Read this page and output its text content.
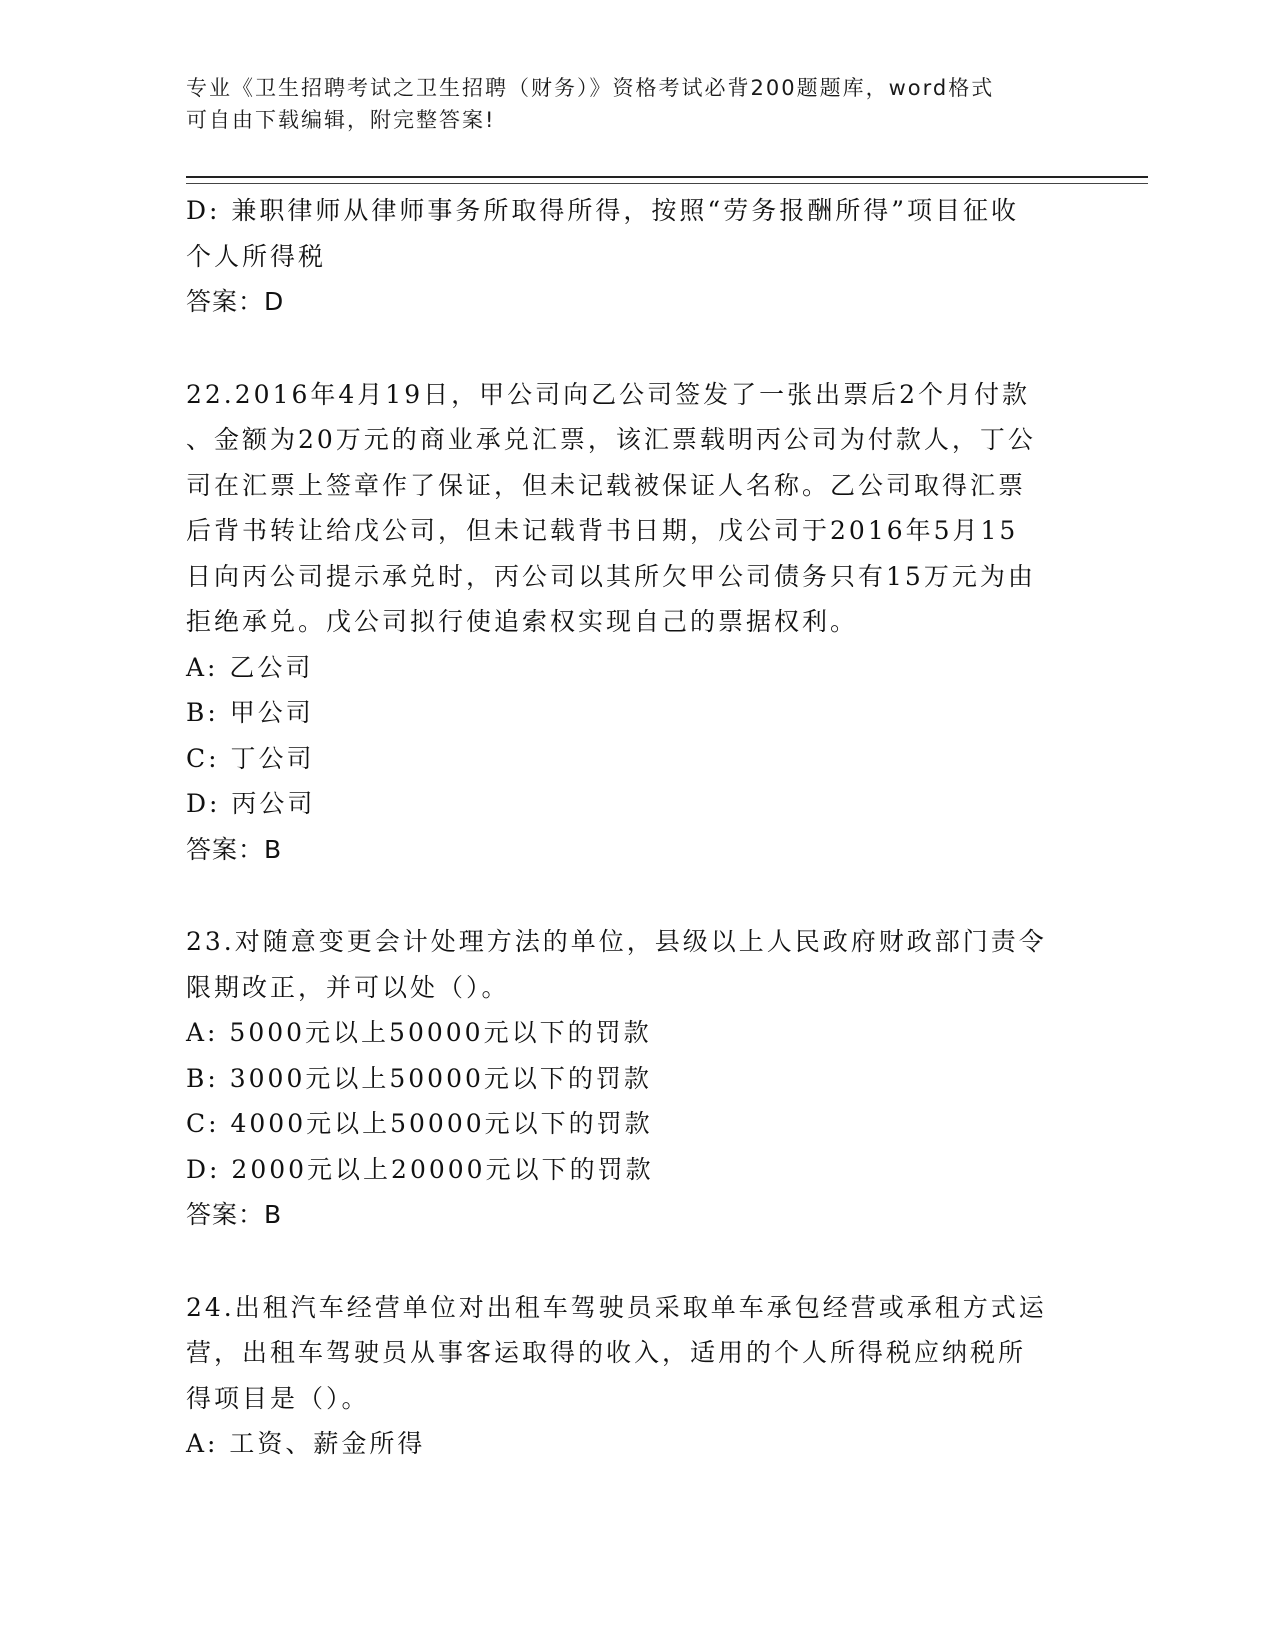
专业《卫生招聘考试之卫生招聘（财务）》资格考试必背200题题库，word格式
可自由下载编辑，附完整答案!
D: 兼职律师从律师事务所取得所得，按照“劳务报酬所得”项目征收
个人所得税
答案：D
22.2016年4月19日，甲公司向乙公司签发了一张出票后2个月付款
、金额为20万元的商业承兑汇票，该汇票载明丙公司为付款人，丁公
司在汇票上签章作了保证，但未记载被保证人名称。乙公司取得汇票
后背书转让给戊公司，但未记载背书日期，戊公司于2016年5月15
日向丙公司提示承兑时，丙公司以其所欠甲公司债务只有15万元为由
拒绝承兑。戊公司拟行使追索权实现自己的票据权利。
A: 乙公司
B: 甲公司
C: 丁公司
D: 丙公司
答案：B
23.对随意变更会计处理方法的单位，县级以上人民政府财政部门责令
限期改正，并可以处（）。
A: 5000元以上50000元以下的罚款
B: 3000元以上50000元以下的罚款
C: 4000元以上50000元以下的罚款
D: 2000元以上20000元以下的罚款
答案：B
24.出租汽车经营单位对出租车驾驶员采取单车承包经营或承租方式运
营，出租车驾驶员从事客运取得的收入，适用的个人所得税应纳税所
得项目是（）。
A: 工资、薪金所得
